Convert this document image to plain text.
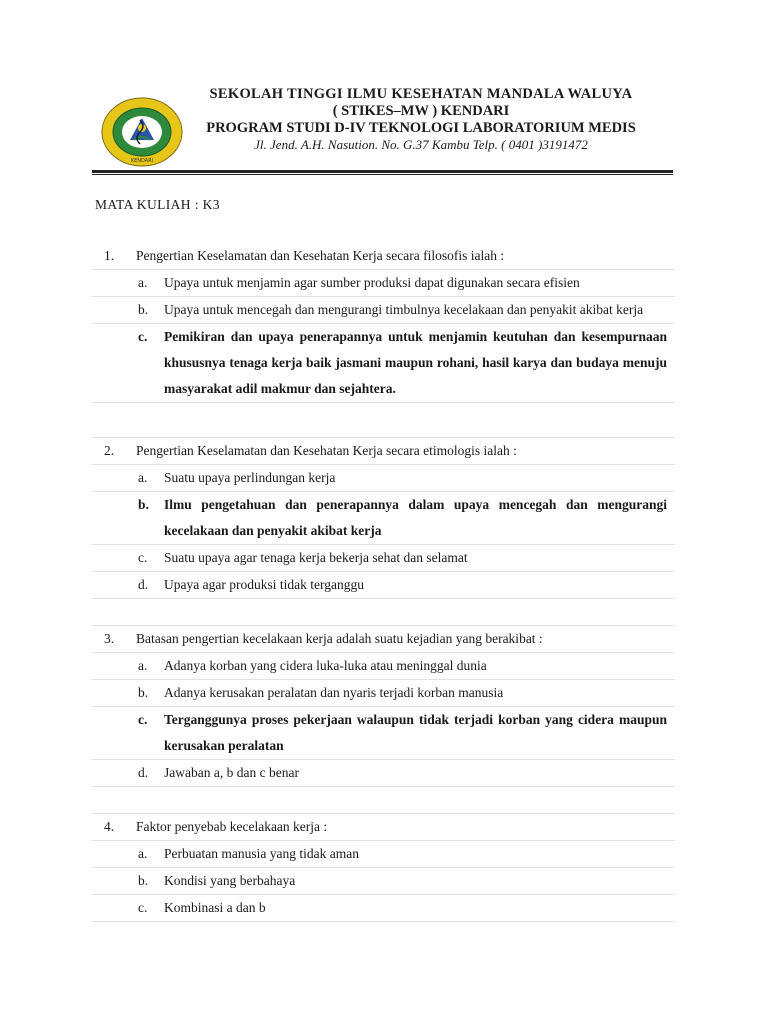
KENDARI
SEKOLAH TINGGI ILMU KESEHATAN MANDALA WALUYA
( STIKES–MW ) KENDARI
PROGRAM STUDI D-IV TEKNOLOGI LABORATORIUM MEDIS
Jl. Jend. A.H. Nasution. No. G.37 Kambu Telp. ( 0401 )3191472
MATA KULIAH : K3
1.	Pengertian Keselamatan dan Kesehatan Kerja secara filosofis ialah :
a.	Upaya untuk menjamin agar sumber produksi dapat digunakan secara efisien
b.	Upaya untuk mencegah dan mengurangi timbulnya kecelakaan dan penyakit akibat kerja
c.	Pemikiran dan upaya penerapannya untuk menjamin keutuhan dan kesempurnaan khususnya tenaga kerja baik jasmani maupun rohani, hasil karya dan budaya menuju masyarakat adil makmur dan sejahtera.
2.	Pengertian Keselamatan dan Kesehatan Kerja secara etimologis ialah :
a.	Suatu upaya perlindungan kerja
b.	Ilmu pengetahuan dan penerapannya dalam upaya mencegah dan mengurangi kecelakaan dan penyakit akibat kerja
c.	Suatu upaya agar tenaga kerja bekerja sehat dan selamat
d.	Upaya agar produksi tidak terganggu
3.	Batasan pengertian kecelakaan kerja adalah suatu kejadian yang berakibat :
a.	Adanya korban yang cidera luka-luka atau meninggal dunia
b.	Adanya kerusakan peralatan dan nyaris terjadi korban manusia
c.	Terganggunya proses pekerjaan walaupun tidak terjadi korban yang cidera maupun kerusakan peralatan
d.	Jawaban a, b dan c benar
4.	Faktor penyebab kecelakaan kerja :
a.	Perbuatan manusia yang tidak aman
b.	Kondisi yang berbahaya
c.	Kombinasi a dan b
